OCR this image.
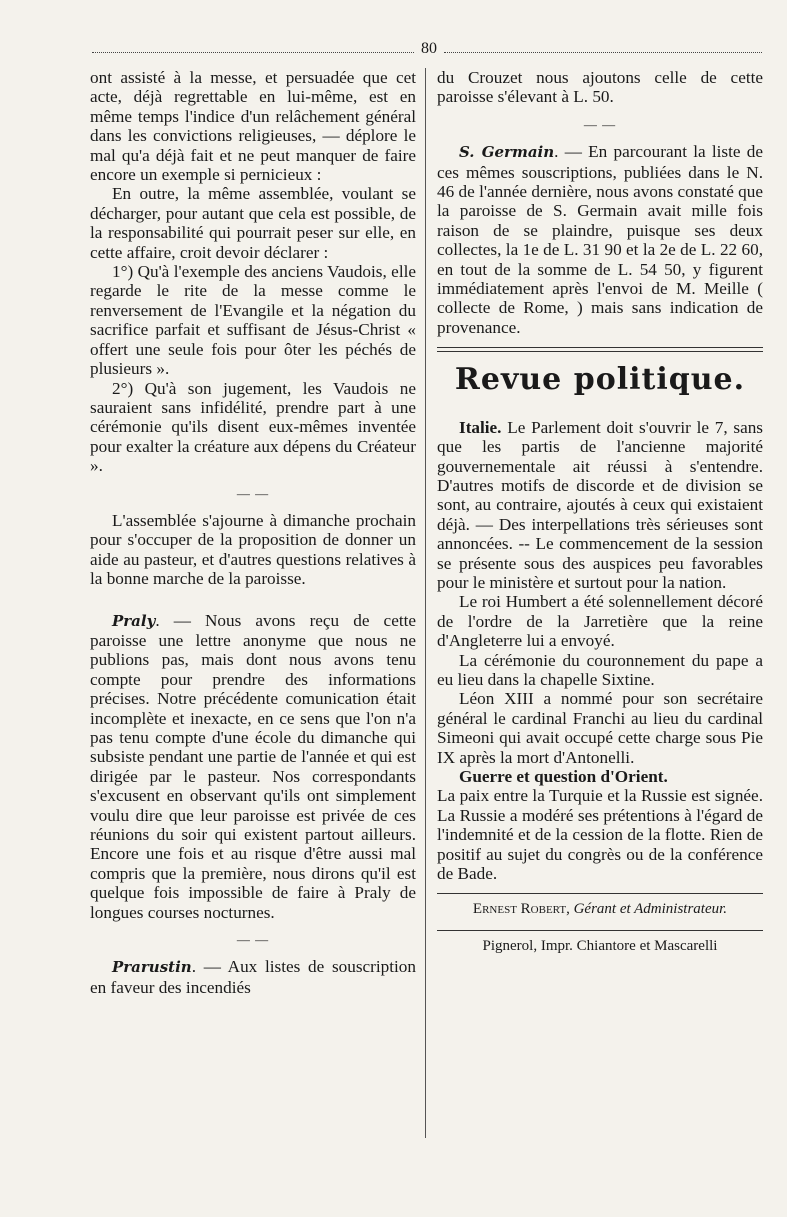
80

ont assisté à la messe, et persuadée que cet acte, déjà regrettable en lui-même, est en même temps l'indice d'un relâchement général dans les convictions religieuses, — déplore le mal qu'a déjà fait et ne peut manquer de faire encore un exemple si pernicieux :

En outre, la même assemblée, voulant se décharger, pour autant que cela est possible, de la responsabilité qui pourrait peser sur elle, en cette affaire, croit devoir déclarer :

1°) Qu'à l'exemple des anciens Vaudois, elle regarde le rite de la messe comme le renversement de l'Evangile et la négation du sacrifice parfait et suffisant de Jésus-Christ « offert une seule fois pour ôter les péchés de plusieurs ».

2°) Qu'à son jugement, les Vaudois ne sauraient sans infidélité, prendre part à une cérémonie qu'ils disent eux-mêmes inventée pour exalter la créature aux dépens du Créateur ».

— —

L'assemblée s'ajourne à dimanche prochain pour s'occuper de la proposition de donner un aide au pasteur, et d'autres questions relatives à la bonne marche de la paroisse.

Praly. — Nous avons reçu de cette paroisse une lettre anonyme que nous ne publions pas, mais dont nous avons tenu compte pour prendre des informations précises. Notre précédente comunication était incomplète et inexacte, en ce sens que l'on n'a pas tenu compte d'une école du dimanche qui subsiste pendant une partie de l'année et qui est dirigée par le pasteur. Nos correspondants s'excusent en observant qu'ils ont simplement voulu dire que leur paroisse est privée de ces réunions du soir qui existent partout ailleurs. Encore une fois et au risque d'être aussi mal compris que la première, nous dirons qu'il est quelque fois impossible de faire à Praly de longues courses nocturnes.

— —

Prarustin. — Aux listes de souscription en faveur des incendiés

du Crouzet nous ajoutons celle de cette paroisse s'élevant à L. 50.

— —

S. Germain. — En parcourant la liste de ces mêmes souscriptions, publiées dans le N. 46 de l'année dernière, nous avons constaté que la paroisse de S. Germain avait mille fois raison de se plaindre, puisque ses deux collectes, la 1e de L. 31 90 et la 2e de L. 22 60, en tout de la somme de L. 54 50, y figurent immédiatement après l'envoi de M. Meille ( collecte de Rome, ) mais sans indication de provenance.

Revue politique.

Italie. Le Parlement doit s'ouvrir le 7, sans que les partis de l'ancienne majorité gouvernementale ait réussi à s'entendre. D'autres motifs de discorde et de division se sont, au contraire, ajoutés à ceux qui existaient déjà. — Des interpellations très sérieuses sont annoncées. -- Le commencement de la session se présente sous des auspices peu favorables pour le ministère et surtout pour la nation.

Le roi Humbert a été solennellement décoré de l'ordre de la Jarretière que la reine d'Angleterre lui a envoyé.

La cérémonie du couronnement du pape a eu lieu dans la chapelle Sixtine.

Léon XIII a nommé pour son secrétaire général le cardinal Franchi au lieu du cardinal Simeoni qui avait occupé cette charge sous Pie IX après la mort d'Antonelli.

Guerre et question d'Orient.

La paix entre la Turquie et la Russie est signée. La Russie a modéré ses prétentions à l'égard de l'indemnité et de la cession de la flotte. Rien de positif au sujet du congrès ou de la conférence de Bade.

Ernest Robert, Gérant et Administrateur.
Pignerol, Impr. Chiantore et Mascarelli
